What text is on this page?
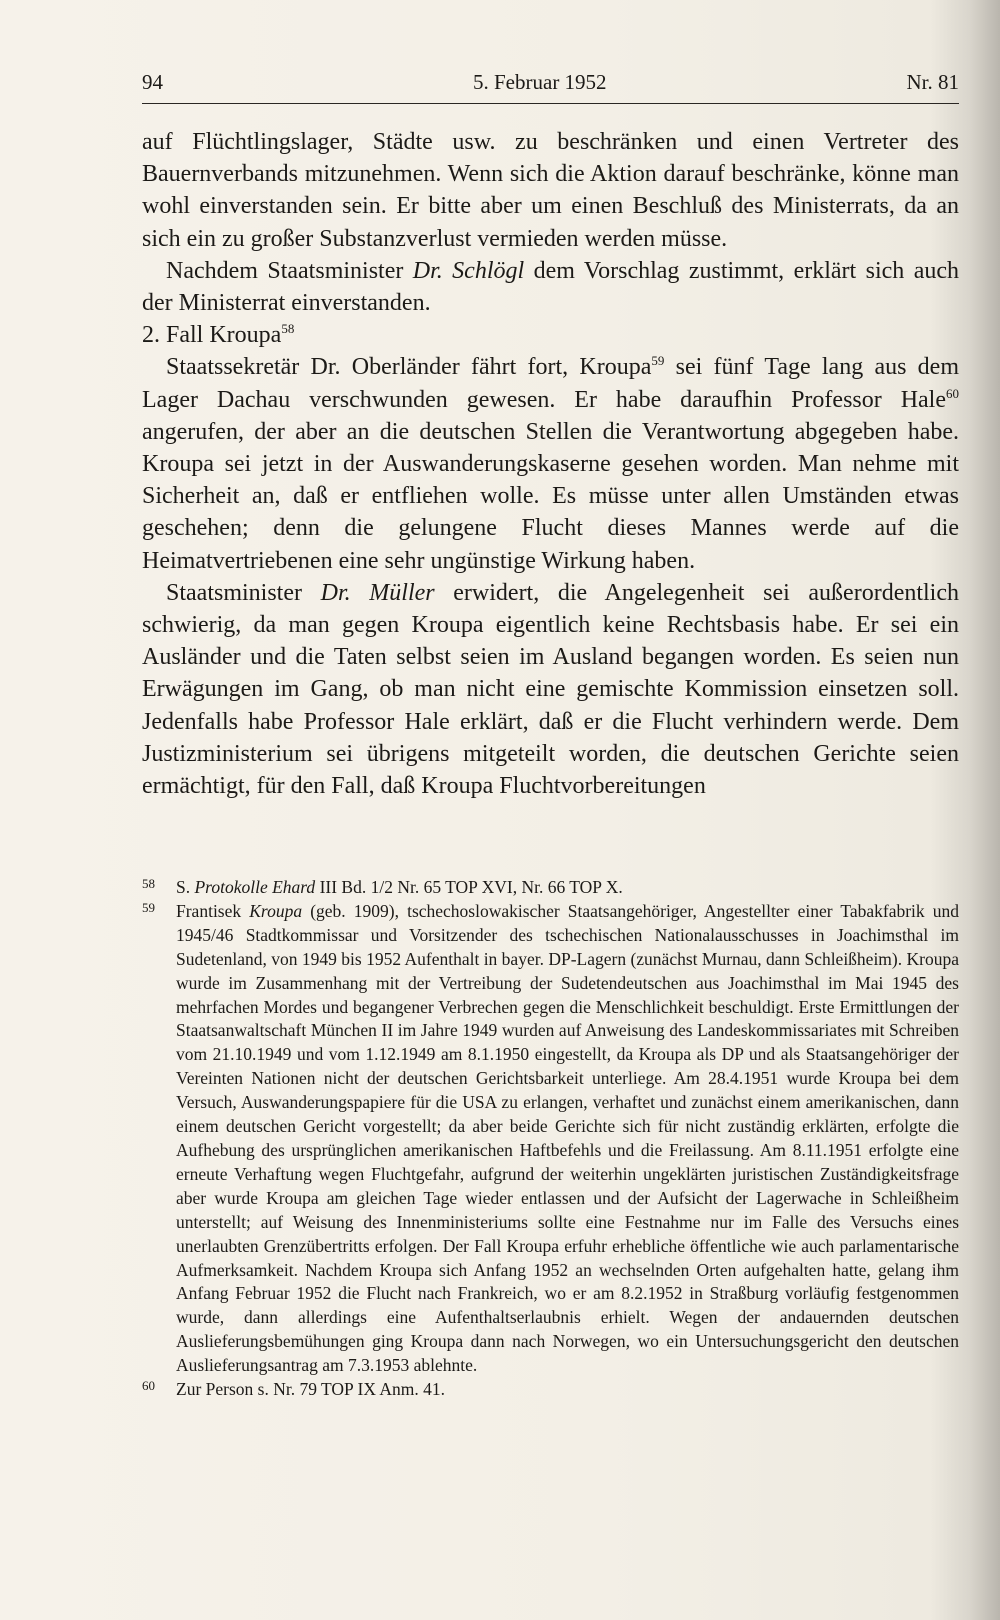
94	5. Februar 1952	Nr. 81

auf Flüchtlingslager, Städte usw. zu beschränken und einen Vertreter des Bauernverbands mitzunehmen. Wenn sich die Aktion darauf beschränke, könne man wohl einverstanden sein. Er bitte aber um einen Beschluß des Ministerrats, da an sich ein zu großer Substanzverlust vermieden werden müsse.

Nachdem Staatsminister Dr. Schlögl dem Vorschlag zustimmt, erklärt sich auch der Ministerrat einverstanden.

2. Fall Kroupa$^{58}$

Staatssekretär Dr. Oberländer fährt fort, Kroupa$^{59}$ sei fünf Tage lang aus dem Lager Dachau verschwunden gewesen. Er habe daraufhin Professor Hale$^{60}$ angerufen, der aber an die deutschen Stellen die Verantwortung abgegeben habe. Kroupa sei jetzt in der Auswanderungskaserne gesehen worden. Man nehme mit Sicherheit an, daß er entfliehen wolle. Es müsse unter allen Umständen etwas geschehen; denn die gelungene Flucht dieses Mannes werde auf die Heimatvertriebenen eine sehr ungünstige Wirkung haben.

Staatsminister Dr. Müller erwidert, die Angelegenheit sei außerordentlich schwierig, da man gegen Kroupa eigentlich keine Rechtsbasis habe. Er sei ein Ausländer und die Taten selbst seien im Ausland begangen worden. Es seien nun Erwägungen im Gang, ob man nicht eine gemischte Kommission einsetzen soll. Jedenfalls habe Professor Hale erklärt, daß er die Flucht verhindern werde. Dem Justizministerium sei übrigens mitgeteilt worden, die deutschen Gerichte seien ermächtigt, für den Fall, daß Kroupa Fluchtvorbereitungen

58 S. Protokolle Ehard III Bd. 1/2 Nr. 65 TOP XVI, Nr. 66 TOP X.

59 Frantisek Kroupa (geb. 1909), tschechoslowakischer Staatsangehöriger, Angestellter einer Tabakfabrik und 1945/46 Stadtkommissar und Vorsitzender des tschechischen Nationalausschusses in Joachimsthal im Sudetenland, von 1949 bis 1952 Aufenthalt in bayer. DP-Lagern (zunächst Murnau, dann Schleißheim). Kroupa wurde im Zusammenhang mit der Vertreibung der Sudetendeutschen aus Joachimsthal im Mai 1945 des mehrfachen Mordes und begangener Verbrechen gegen die Menschlichkeit beschuldigt. Erste Ermittlungen der Staatsanwaltschaft München II im Jahre 1949 wurden auf Anweisung des Landeskommissariates mit Schreiben vom 21.10.1949 und vom 1.12.1949 am 8.1.1950 eingestellt, da Kroupa als DP und als Staatsangehöriger der Vereinten Nationen nicht der deutschen Gerichtsbarkeit unterliege. Am 28.4.1951 wurde Kroupa bei dem Versuch, Auswanderungspapiere für die USA zu erlangen, verhaftet und zunächst einem amerikanischen, dann einem deutschen Gericht vorgestellt; da aber beide Gerichte sich für nicht zuständig erklärten, erfolgte die Aufhebung des ursprünglichen amerikanischen Haftbefehls und die Freilassung. Am 8.11.1951 erfolgte eine erneute Verhaftung wegen Fluchtgefahr, aufgrund der weiterhin ungeklärten juristischen Zuständigkeitsfrage aber wurde Kroupa am gleichen Tage wieder entlassen und der Aufsicht der Lagerwache in Schleißheim unterstellt; auf Weisung des Innenministeriums sollte eine Festnahme nur im Falle des Versuchs eines unerlaubten Grenzübertritts erfolgen. Der Fall Kroupa erfuhr erhebliche öffentliche wie auch parlamentarische Aufmerksamkeit. Nachdem Kroupa sich Anfang 1952 an wechselnden Orten aufgehalten hatte, gelang ihm Anfang Februar 1952 die Flucht nach Frankreich, wo er am 8.2.1952 in Straßburg vorläufig festgenommen wurde, dann allerdings eine Aufenthaltserlaubnis erhielt. Wegen der andauernden deutschen Auslieferungsbemühungen ging Kroupa dann nach Norwegen, wo ein Untersuchungsgericht den deutschen Auslieferungsantrag am 7.3.1953 ablehnte.

60 Zur Person s. Nr. 79 TOP IX Anm. 41.
